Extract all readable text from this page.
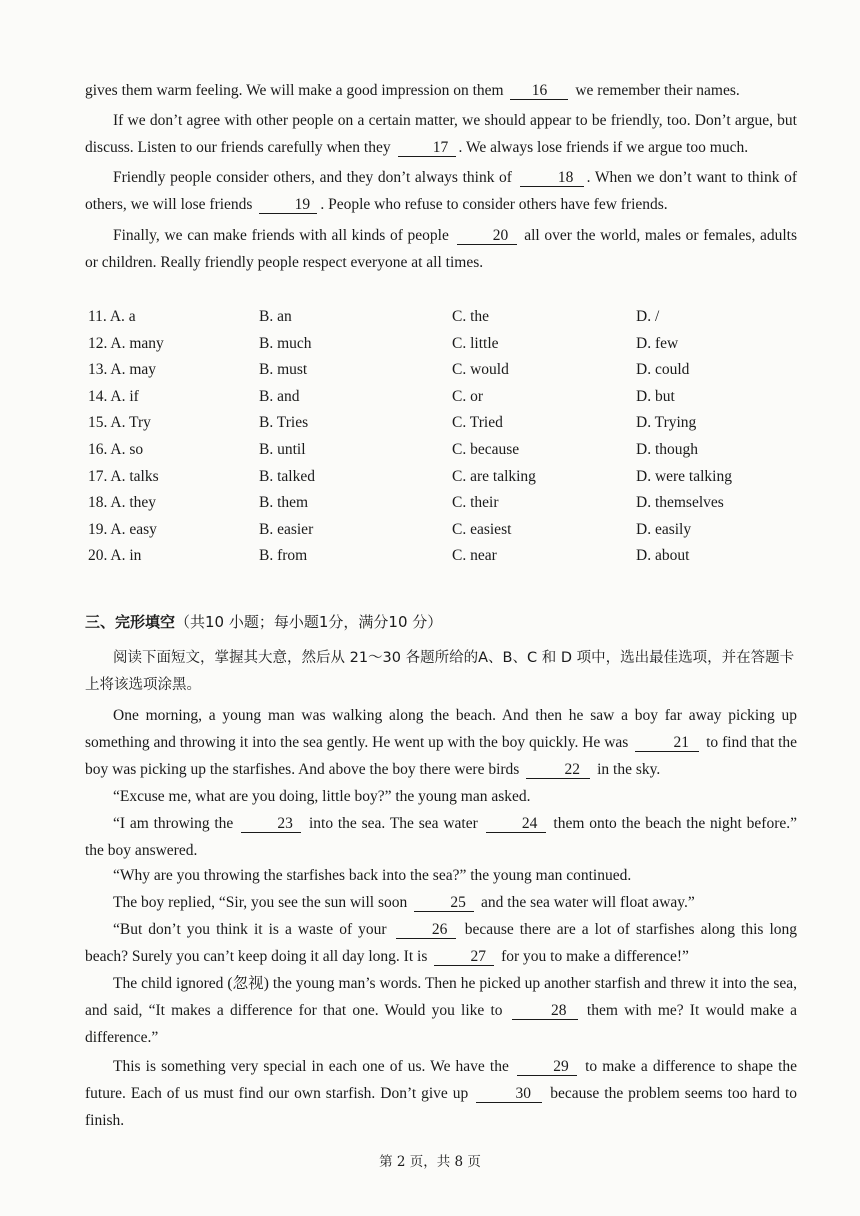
gives them warm feeling. We will make a good impression on them 16 we remember their names.
If we don’t agree with other people on a certain matter, we should appear to be friendly, too. Don’t argue, but discuss. Listen to our friends carefully when they	17 . We always lose friends if we argue too much.
Friendly people consider others, and they don’t always think of	18 . When we don’t want to think of others, we will lose friends	19 . People who refuse to consider others have few friends.
Finally, we can make friends with all kinds of people	20 all over the world, males or females, adults or children. Really friendly people respect everyone at all times.
11. A. a	B. an	C. the	D. /
12. A. many	B. much	C. little	D. few
13. A. may	B. must	C. would	D. could
14. A. if	B. and	C. or	D. but
15. A. Try	B. Tries	C. Tried	D. Trying
16. A. so	B. until	C. because	D. though
17. A. talks	B. talked	C. are talking	D. were talking
18. A. they	B. them	C. their	D. themselves
19. A. easy	B. easier	C. easiest	D. easily
20. A. in	B. from	C. near	D. about
三、完形填空（共10 小题；每小题1分，满分10 分）
阅读下面短文，掌握其大意，然后从 21～30 各题所给的A、B、C 和 D 项中，选出最佳选项，并在答题卡上将该选项涂黑。
One morning, a young man was walking along the beach. And then he saw a boy far away picking up something and throwing it into the sea gently. He went up with the boy quickly. He was	21 to find that the boy was picking up the starfishes. And above the boy there were birds	22 in the sky.
“Excuse me, what are you doing, little boy?” the young man asked.
“I am throwing the	23 into the sea. The sea water	24 them onto the beach the night before.” the boy answered.
“Why are you throwing the starfishes back into the sea?” the young man continued.
The boy replied, “Sir, you see the sun will soon	25 and the sea water will float away.”
“But don’t you think it is a waste of your	26 because there are a lot of starfishes along this long beach? Surely you can’t keep doing it all day long. It is	27 for you to make a difference!”
The child ignored (忽视) the young man’s words. Then he picked up another starfish and threw it into the sea, and said, “It makes a difference for that one. Would you like to	28 them with me? It would make a difference.”
This is something very special in each one of us. We have the	29 to make a difference to shape the future. Each of us must find our own starfish. Don’t give up	30 because the problem seems too hard to finish.
第 2 页，共 8 页
